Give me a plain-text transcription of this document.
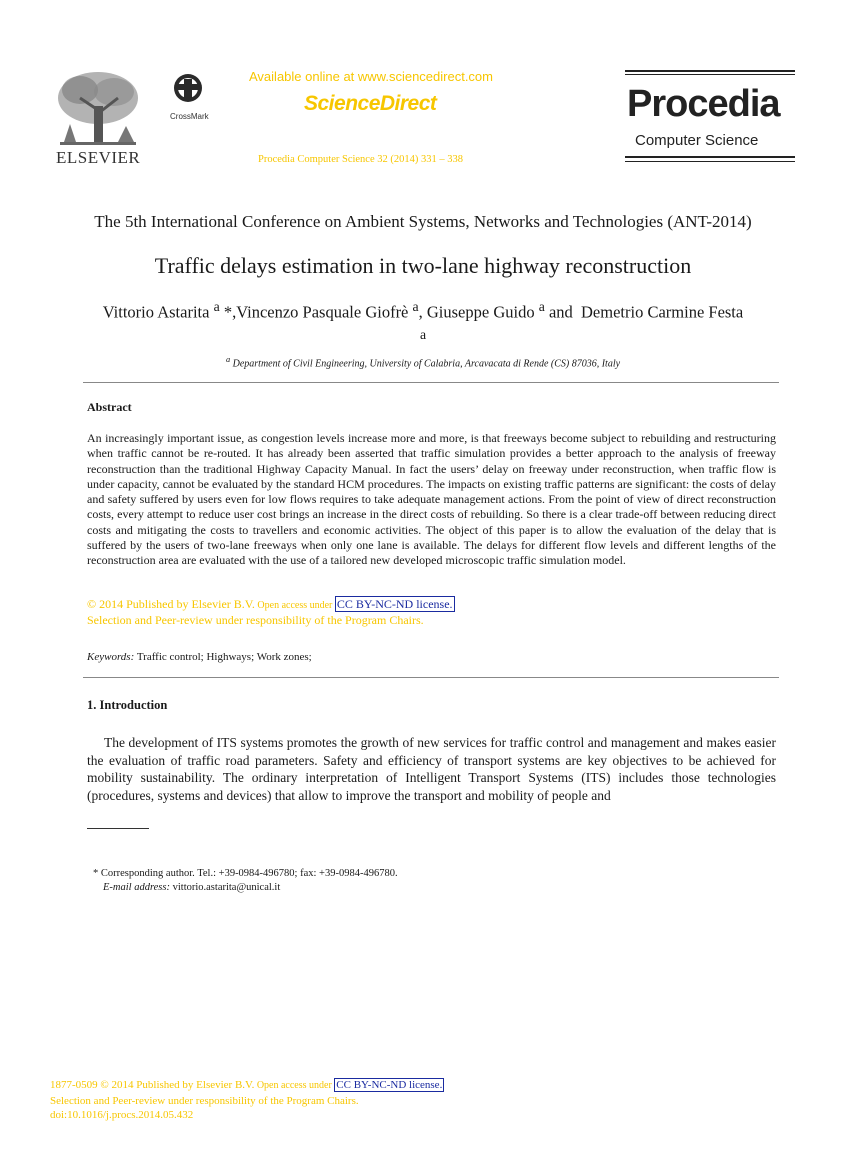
ELSEVIER
CrossMark
Available online at www.sciencedirect.com
ScienceDirect
Procedia Computer Science 32 (2014) 331 – 338
Procedia
Computer Science
The 5th International Conference on Ambient Systems, Networks and Technologies (ANT-2014)
Traffic delays estimation in two-lane highway reconstruction
Vittorio Astarita $^a$ *,Vincenzo Pasquale Giofrè $^a$, Giuseppe Guido $^a$ and  Demetrio Carmine Festa $^a$
$^a$ Department of Civil Engineering, University of Calabria, Arcavacata di Rende (CS) 87036, Italy
Abstract
An increasingly important issue, as congestion levels increase more and more, is that freeways become subject to rebuilding and restructuring when traffic cannot be re-routed. It has already been asserted that traffic simulation provides a better approach to the analysis of freeway reconstruction than the traditional Highway Capacity Manual. In fact the users’ delay on freeway under reconstruction, when traffic flow is under capacity, cannot be evaluated by the standard HCM procedures. The impacts on existing traffic patterns are significant: the costs of delay and safety suffered by users even for low flows requires to take adequate management actions. From the point of view of direct reconstruction costs, every attempt to reduce user cost brings an increase in the direct costs of rebuilding. So there is a clear trade-off between reducing direct costs and mitigating the costs to travellers and economic activities. The object of this paper is to allow the evaluation of the delay that is suffered by the users of two-lane freeways when only one lane is available. The delays for different flow levels and different lengths of the reconstruction area are evaluated with the use of a tailored new developed microscopic traffic simulation model.
© 2014 Published by Elsevier B.V. Open access under CC BY-NC-ND license.
Selection and Peer-review under responsibility of the Program Chairs.
Keywords: Traffic control; Highways; Work zones;
1. Introduction
The development of ITS systems promotes the growth of new services for traffic control and management and makes easier the evaluation of traffic road parameters. Safety and efficiency of transport systems are key objectives to be achieved for mobility sustainability. The ordinary interpretation of Intelligent Transport Systems (ITS) includes those technologies (procedures, systems and devices) that allow to improve the transport and mobility of people and
* Corresponding author. Tel.: +39-0984-496780; fax: +39-0984-496780.
E-mail address: vittorio.astarita@unical.it
1877-0509 © 2014 Published by Elsevier B.V. Open access under CC BY-NC-ND license.
Selection and Peer-review under responsibility of the Program Chairs.
doi:10.1016/j.procs.2014.05.432
